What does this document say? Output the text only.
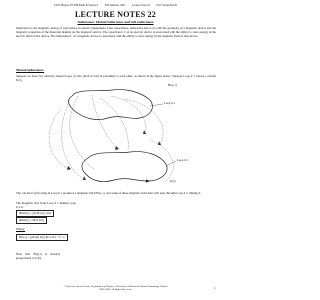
UIUC Physics 435 EM Fields & Sources I	Fall Semester, 2007	Lecture Notes 22	Prof. Steven Errede
LECTURE NOTES 22
Inductance: Mutual Inductance and Self-Inductance
Inductance is the magnetic analog of capacitance in electric phenomena. Like capacitance, inductance has to do with the geometry of a magnetic device and the magnetic properties of the materials making up the magnetic device. The capacitance C of an electric device is associated with the ability to store energy in the electric field of that device. The inductance L of a magnetic device is associated with the ability to store energy in the magnetic field of that device.
Mutual Inductance:
Suppose we have two arbitrary shaped loops of wire (both at rest) in proximity to each other, as shown in the figure below. Suppose Loop # 1 carries a current I1(t).
B1(r, t)
Loop # 2
Loop # 1
I1(t)
The current I1(t) flowing in Loop # 1 produces a magnetic field B1(r, t), and some of these magnetic field lines will pass through Loop # 2, linking it.
The magnetic flux from Loop # 1 linking Loop # 2 is:
Φm21(t) = ∫S2 B1(r,t)·dA2
Φm21(t) = M21 I1(t)
Where:
B1(r,t) = (μ0/4π) I1(t) ∮C1 dℓ1 × r̂ / r²
Note that B1(r,t) is linearly proportional to I1(t):
© Professor Steven Errede, Department of Physics, University of Illinois at Urbana-Champaign, Illinois
2005-2008. All Rights Reserved.	1
